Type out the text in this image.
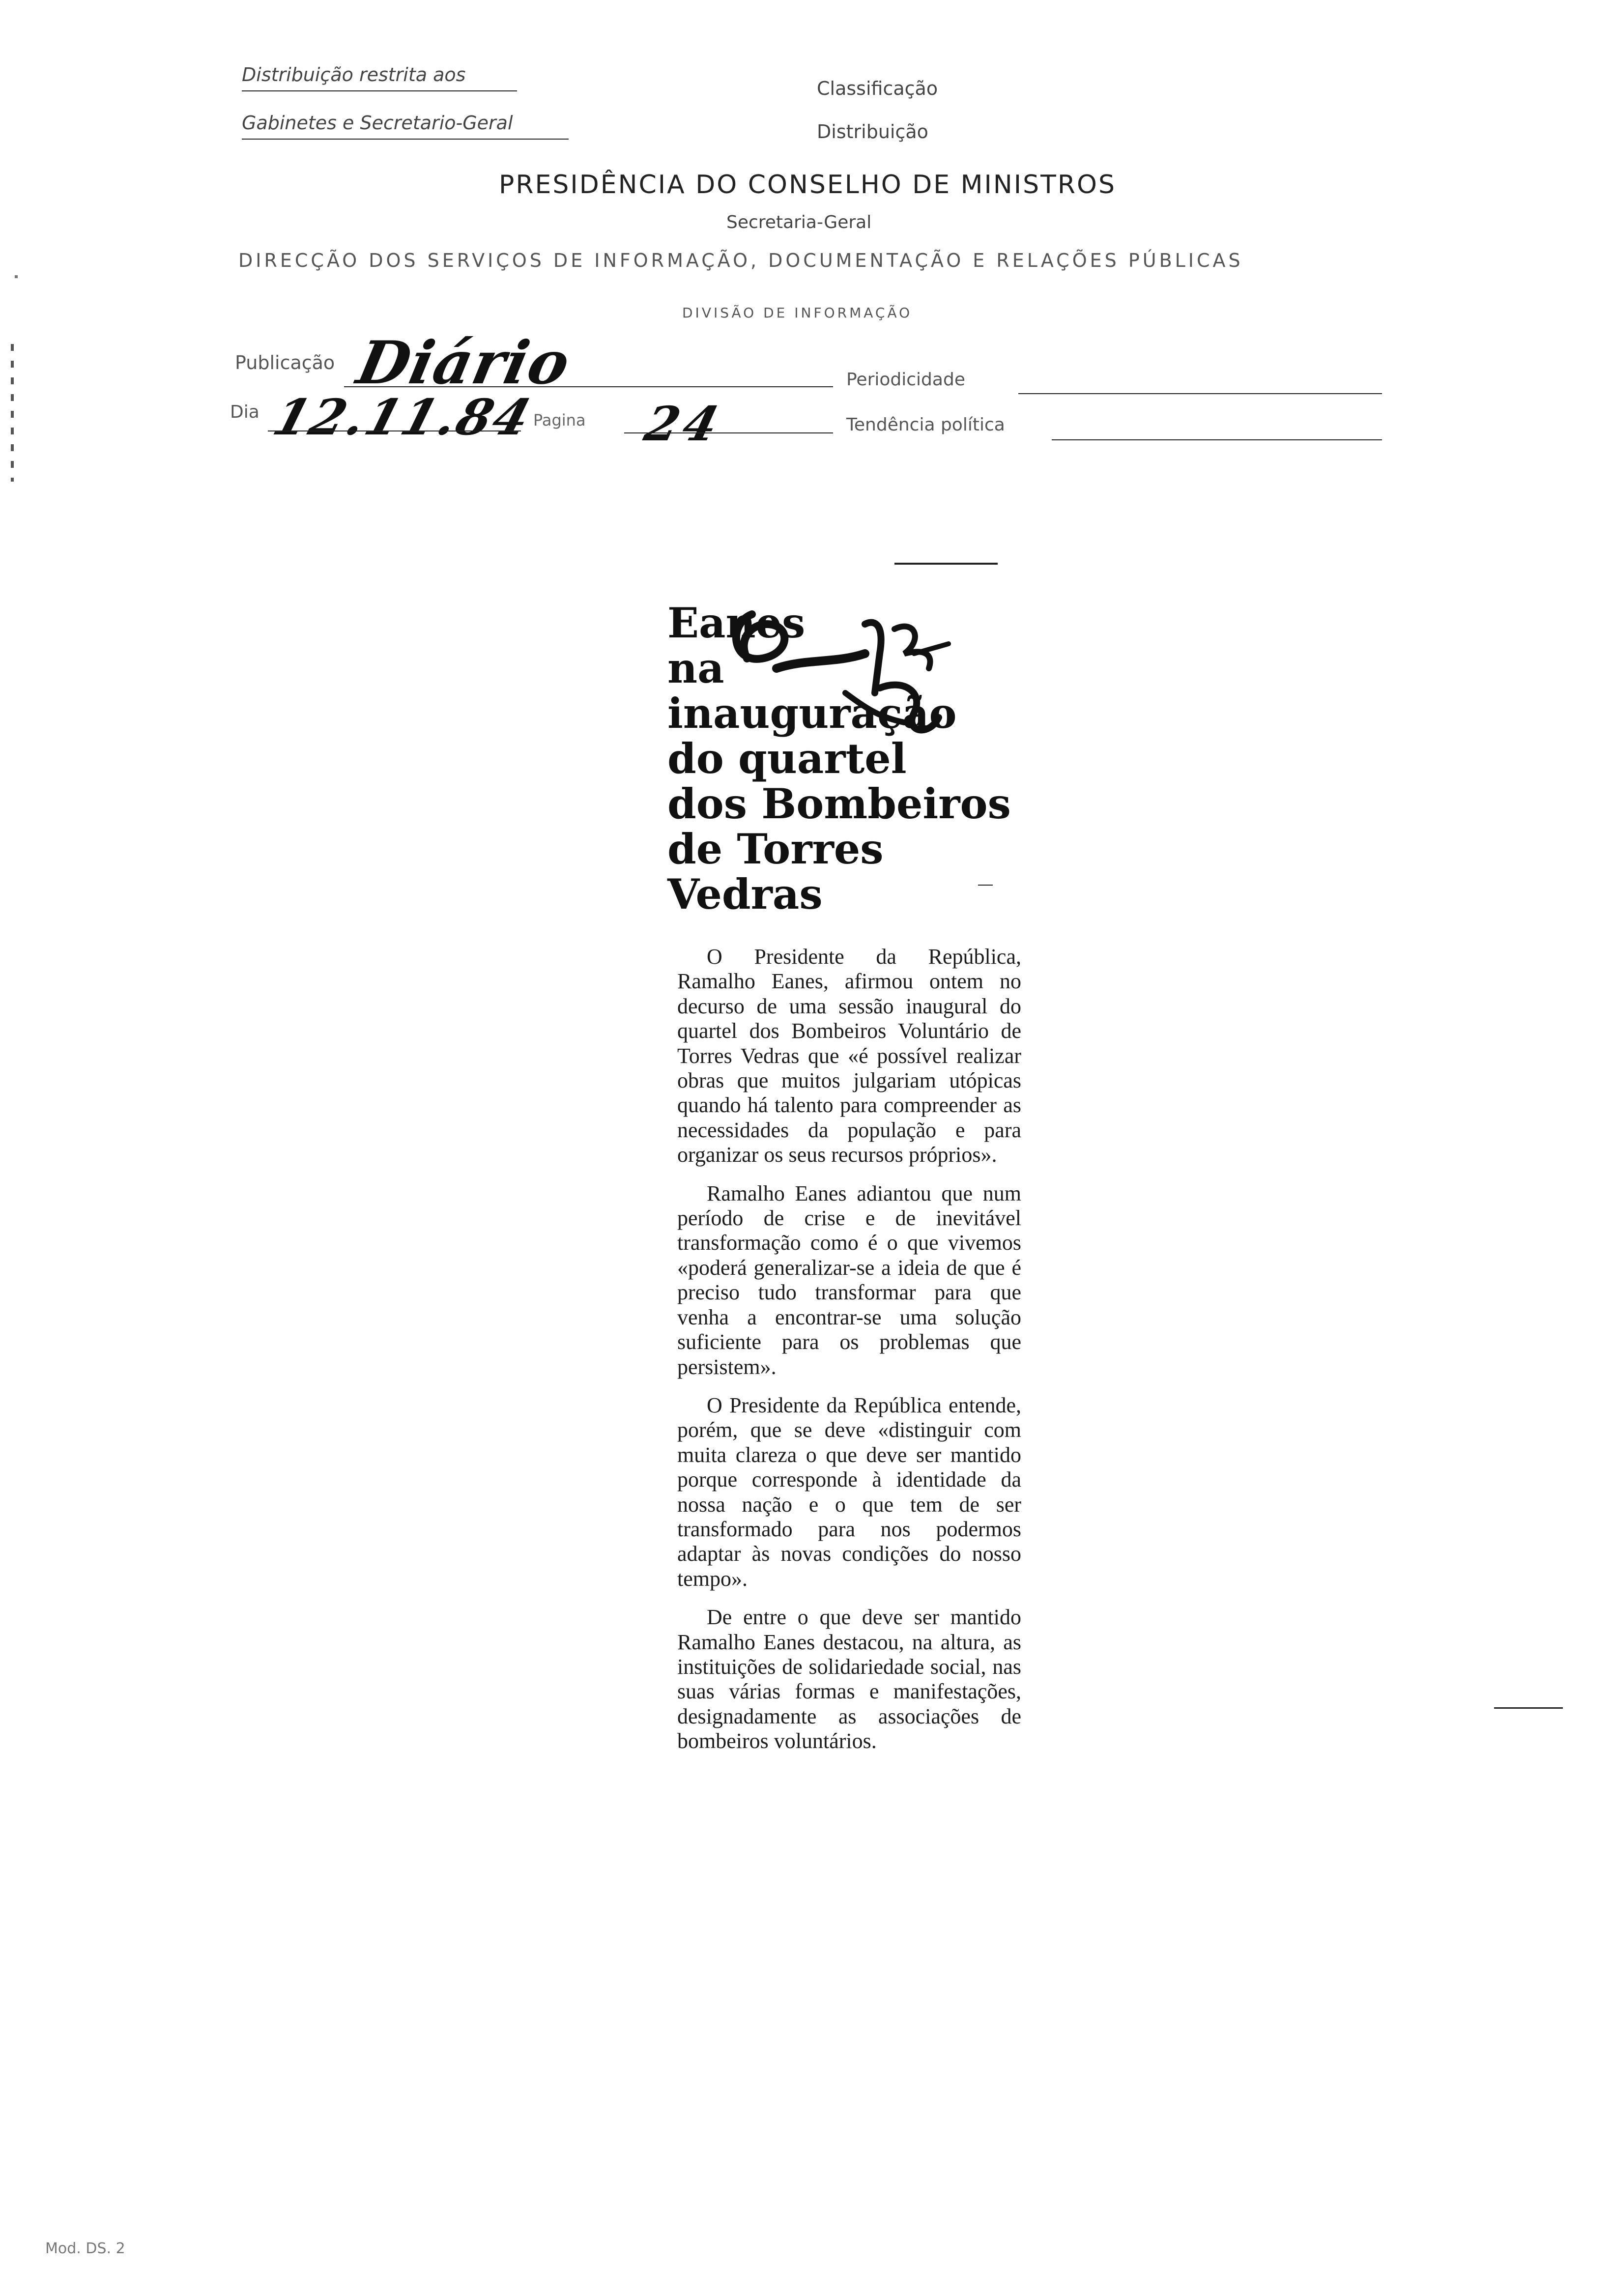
Distribuição restrita aos
Gabinetes e Secretario-Geral
Classificação
Distribuição
PRESIDÊNCIA DO CONSELHO DE MINISTROS
Secretaria-Geral
DIRECÇÃO DOS SERVIÇOS DE INFORMAÇÃO, DOCUMENTAÇÃO E RELAÇÕES PÚBLICAS
DIVISÃO DE INFORMAÇÃO
Publicação Diário	Periodicidade
Dia 12.11.84
Pagina 24	Tendência política
Eanes
na
inauguração
do quartel
dos Bombeiros
de Torres
Vedras

O Presidente da República, Ramalho Eanes, afirmou ontem no decurso de uma sessão inaugural do quartel dos Bombeiros Voluntário de Torres Vedras que «é possível realizar obras que muitos julgariam utópicas quando há talento para compreender as necessidades da população e para organizar os seus recursos próprios».

Ramalho Eanes adiantou que num período de crise e de inevitável transformação como é o que vivemos «poderá generalizar-se a ideia de que é preciso tudo transformar para que venha a encontrar-se uma solução suficiente para os problemas que persistem».

O Presidente da República entende, porém, que se deve «distinguir com muita clareza o que deve ser mantido porque corresponde à identidade da nossa nação e o que tem de ser transformado para nos podermos adaptar às novas condições do nosso tempo».

De entre o que deve ser mantido Ramalho Eanes destacou, na altura, as instituições de solidariedade social, nas suas várias formas e manifestações, designadamente as associações de bombeiros voluntários.

Mod. DS. 2
